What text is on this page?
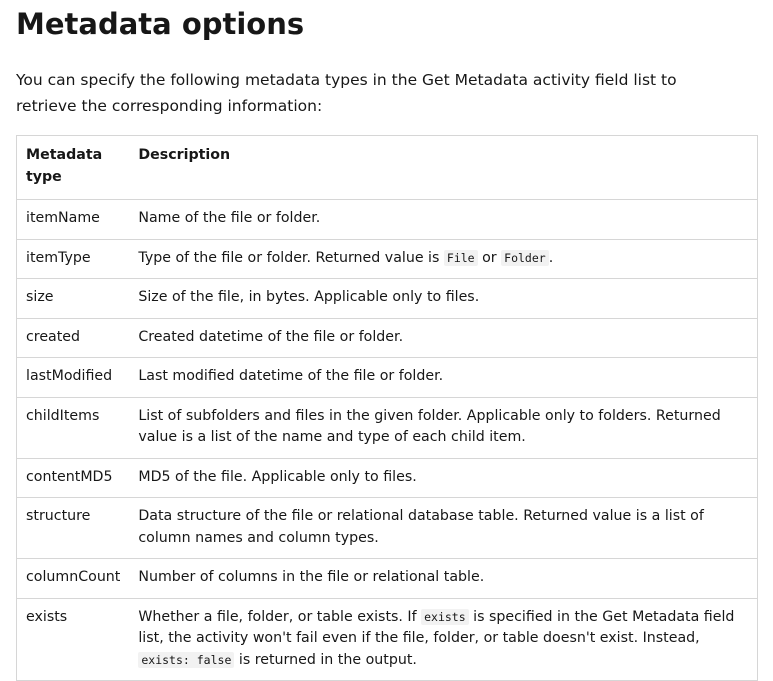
Metadata options

You can specify the following metadata types in the Get Metadata activity field list to retrieve the corresponding information:

Metadata type	Description
itemName	Name of the file or folder.
itemType	Type of the file or folder. Returned value is File or Folder .
size	Size of the file, in bytes. Applicable only to files.
created	Created datetime of the file or folder.
lastModified	Last modified datetime of the file or folder.
childItems	List of subfolders and files in the given folder. Applicable only to folders. Returned value is a list of the name and type of each child item.
contentMD5	MD5 of the file. Applicable only to files.
structure	Data structure of the file or relational database table. Returned value is a list of column names and column types.
columnCount	Number of columns in the file or relational table.
exists	Whether a file, folder, or table exists. If exists is specified in the Get Metadata field list, the activity won't fail even if the file, folder, or table doesn't exist. Instead, exists: false is returned in the output.
